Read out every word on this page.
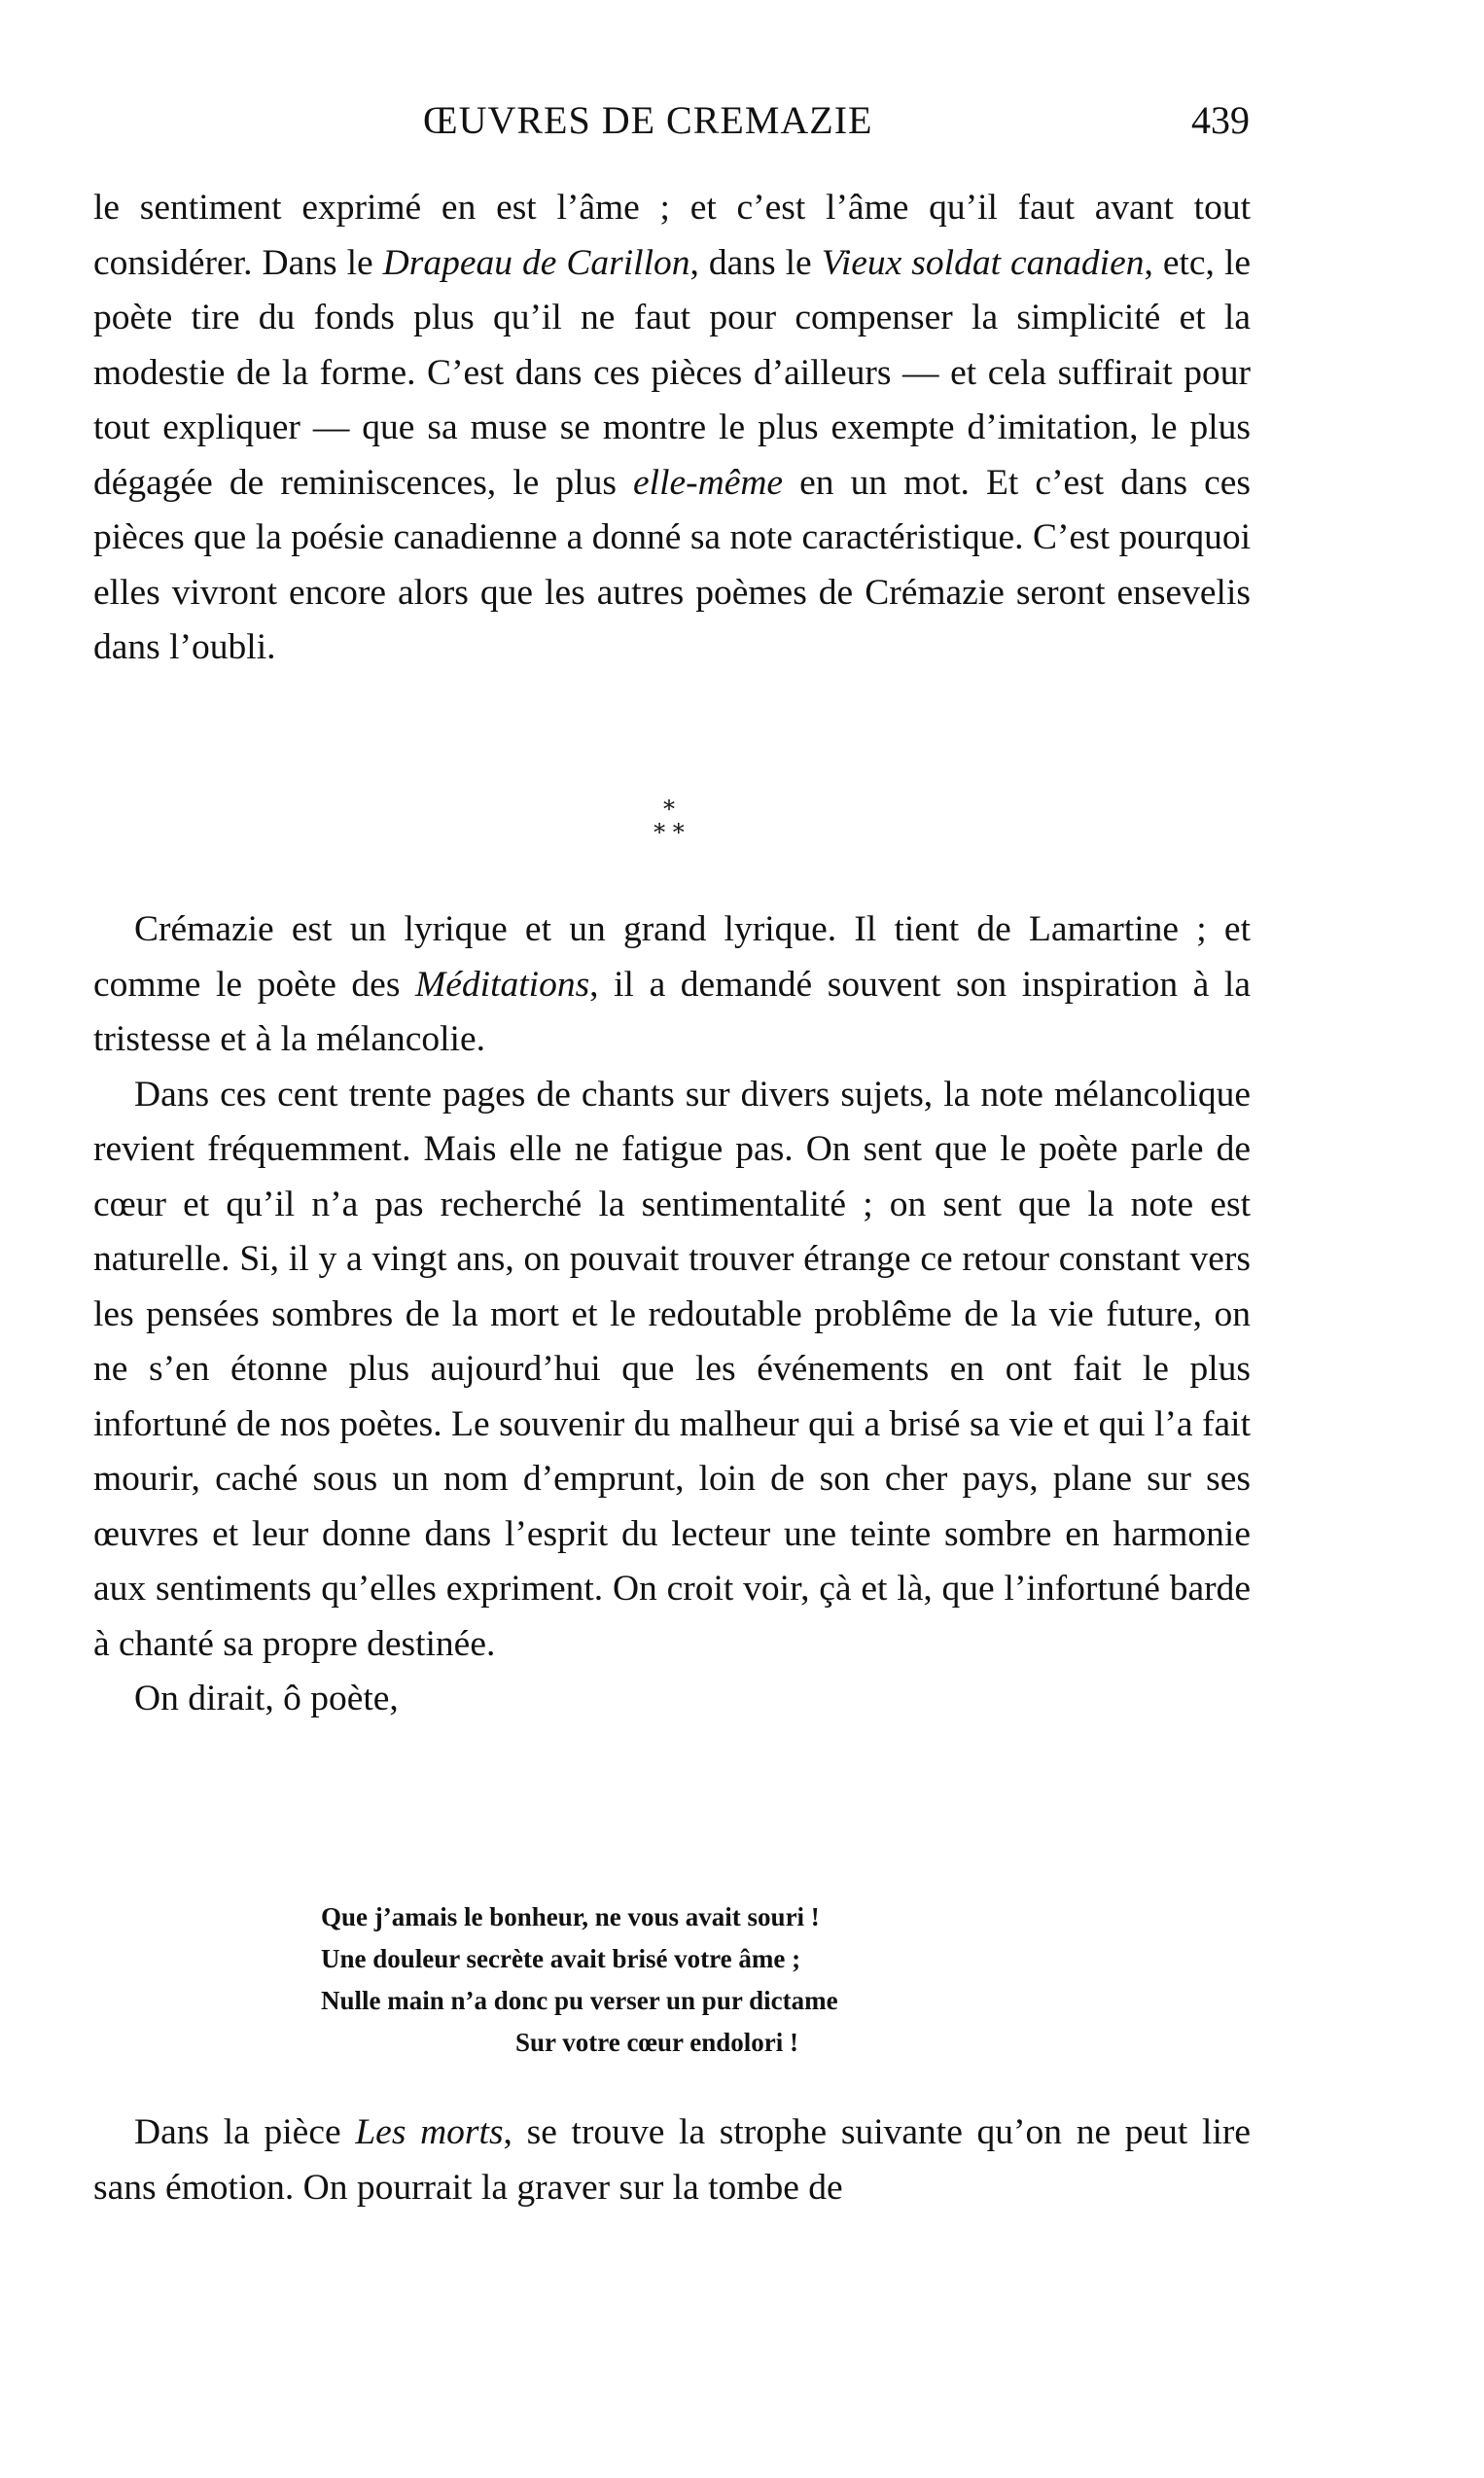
ŒUVRES DE CREMAZIE	439

le sentiment exprimé en est l’âme ; et c’est l’âme qu’il faut avant tout considérer. Dans le Drapeau de Carillon, dans le Vieux soldat canadien, etc, le poète tire du fonds plus qu’il ne faut pour compenser la simplicité et la modestie de la forme. C’est dans ces pièces d’ailleurs — et cela suffirait pour tout expliquer — que sa muse se montre le plus exempte d’imitation, le plus dégagée de reminiscences, le plus elle-même en un mot. Et c’est dans ces pièces que la poésie canadienne a donné sa note caractéristique. C’est pourquoi elles vivront encore alors que les autres poèmes de Crémazie seront ensevelis dans l’oubli.

*
* *

Crémazie est un lyrique et un grand lyrique. Il tient de Lamartine ; et comme le poète des Méditations, il a demandé souvent son inspiration à la tristesse et à la mélancolie.

Dans ces cent trente pages de chants sur divers sujets, la note mélancolique revient fréquemment. Mais elle ne fatigue pas. On sent que le poète parle de cœur et qu’il n’a pas recherché la sentimentalité ; on sent que la note est naturelle. Si, il y a vingt ans, on pouvait trouver étrange ce retour constant vers les pensées sombres de la mort et le redoutable problême de la vie future, on ne s’en étonne plus aujourd’hui que les événements en ont fait le plus infortuné de nos poètes. Le souvenir du malheur qui a brisé sa vie et qui l’a fait mourir, caché sous un nom d’emprunt, loin de son cher pays, plane sur ses œuvres et leur donne dans l’esprit du lecteur une teinte sombre en harmonie aux sentiments qu’elles expriment. On croit voir, çà et là, que l’infortuné barde à chanté sa propre destinée.

On dirait, ô poète,

Que j’amais le bonheur, ne vous avait souri !
Une douleur secrète avait brisé votre âme ;
Nulle main n’a donc pu verser un pur dictame
Sur votre cœur endolori !

Dans la pièce Les morts, se trouve la strophe suivante qu’on ne peut lire sans émotion. On pourrait la graver sur la tombe de
